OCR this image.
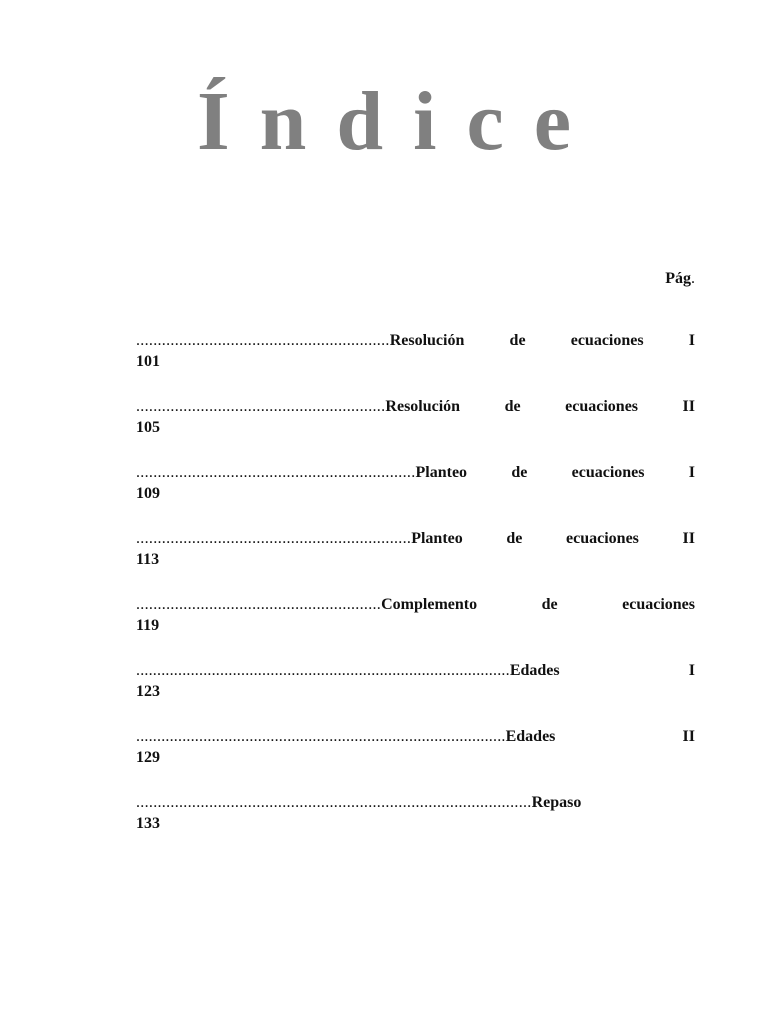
Índice
Pág.
...........................................................Resolución	de	ecuaciones	I
101
..........................................................Resolución	de	ecuaciones	II
105
.................................................................Planteo	de	ecuaciones	I
109
................................................................Planteo	de	ecuaciones	II
113
.........................................................Complemento	de	ecuaciones
119
.........................................................................................Edades	I
123
........................................................................................Edades	II
129
............................................................................................Repaso
133
